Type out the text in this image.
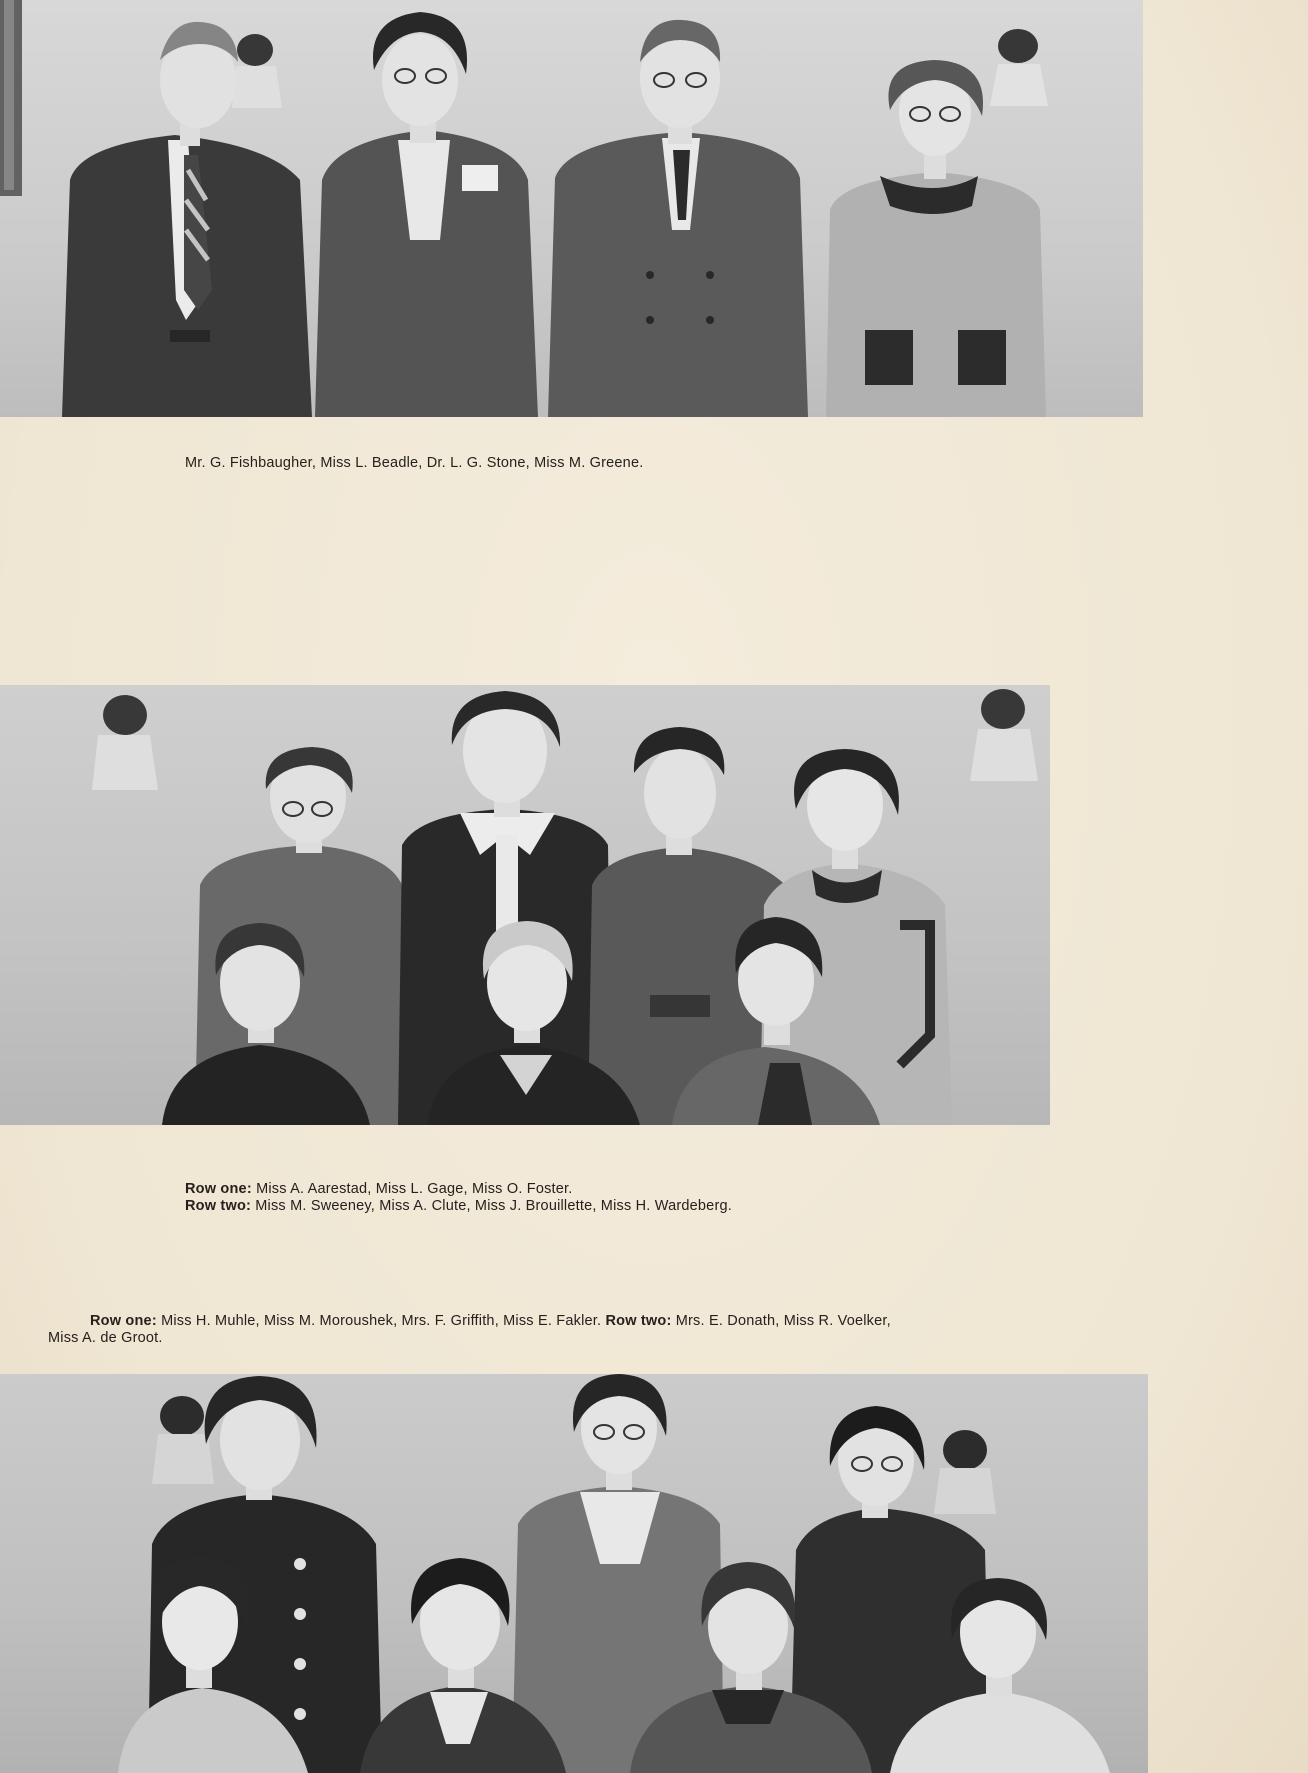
Mr. G. Fishbaugher, Miss L. Beadle, Dr. L. G. Stone, Miss M. Greene.
Row one: Miss A. Aarestad, Miss L. Gage, Miss O. Foster.
Row two: Miss M. Sweeney, Miss A. Clute, Miss J. Brouillette, Miss H. Wardeberg.
Row one: Miss H. Muhle, Miss M. Moroushek, Mrs. F. Griffith, Miss E. Fakler. Row two: Mrs. E. Donath, Miss R. Voelker,
Miss A. de Groot.
